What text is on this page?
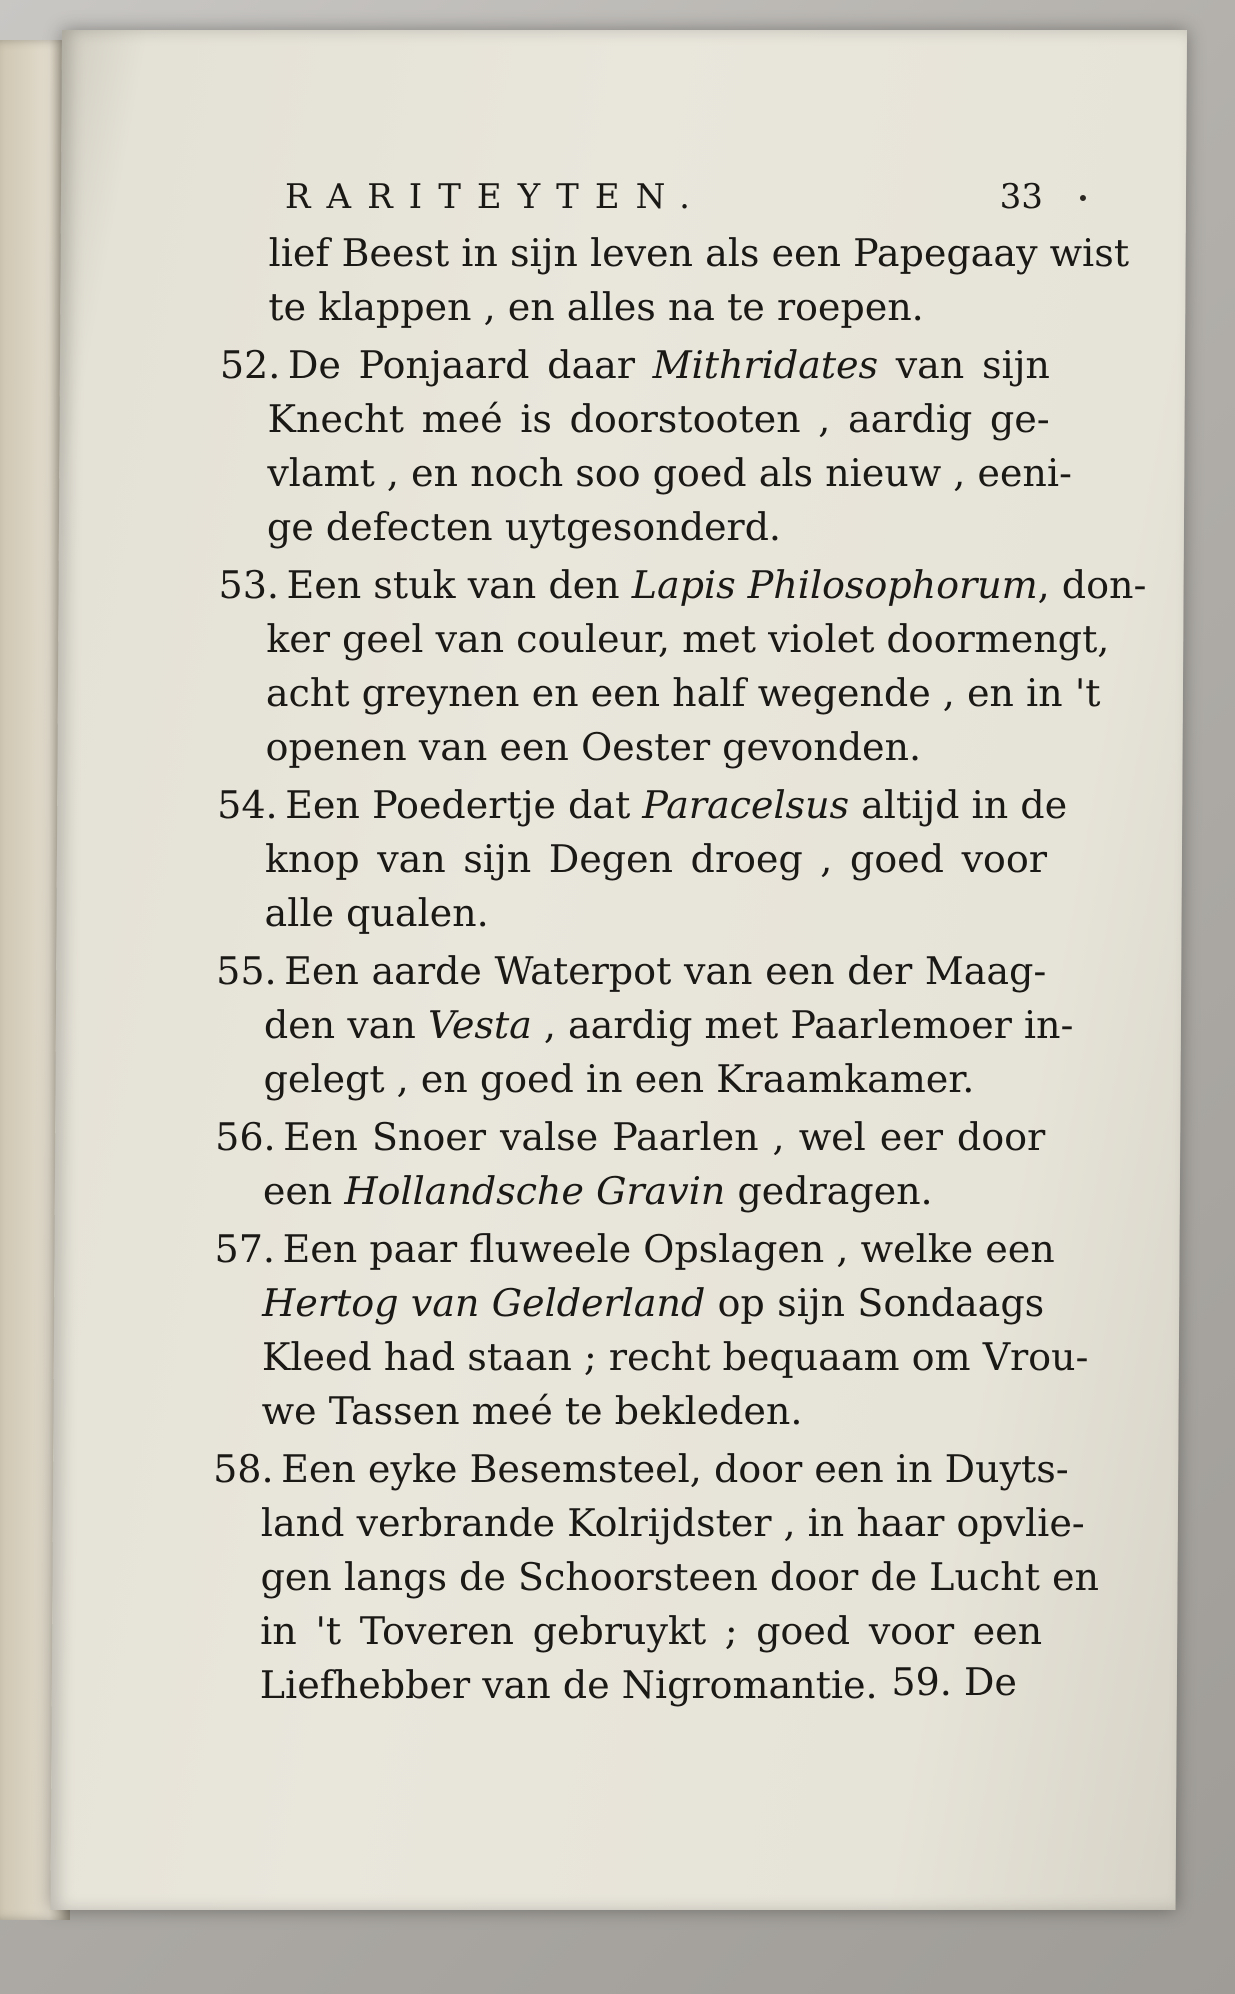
RARITEYTEN.	33
lief Beest in sijn leven als een Papegaay wist
te klappen , en alles na te roepen.
52. De Ponjaard daar Mithridates van sijn
Knecht meé is doorstooten , aardig ge-
vlamt , en noch soo goed als nieuw , eeni-
ge defecten uytgesonderd.
53. Een stuk van den Lapis Philosophorum, don-
ker geel van couleur, met violet doormengt,
acht greynen en een half wegende , en in 't
openen van een Oester gevonden.
54. Een Poedertje dat Paracelsus altijd in de
knop van sijn Degen droeg , goed voor
alle qualen.
55. Een aarde Waterpot van een der Maag-
den van Vesta , aardig met Paarlemoer in-
gelegt , en goed in een Kraamkamer.
56. Een Snoer valse Paarlen , wel eer door
een Hollandsche Gravin gedragen.
57. Een paar fluweele Opslagen , welke een
Hertog van Gelderland op sijn Sondaags
Kleed had staan ; recht bequaam om Vrou-
we Tassen meé te bekleden.
58. Een eyke Besemsteel, door een in Duyts-
land verbrande Kolrijdster , in haar opvlie-
gen langs de Schoorsteen door de Lucht en
in 't Toveren gebruykt ; goed voor een
Liefhebber van de Nigromantie. 59. De
